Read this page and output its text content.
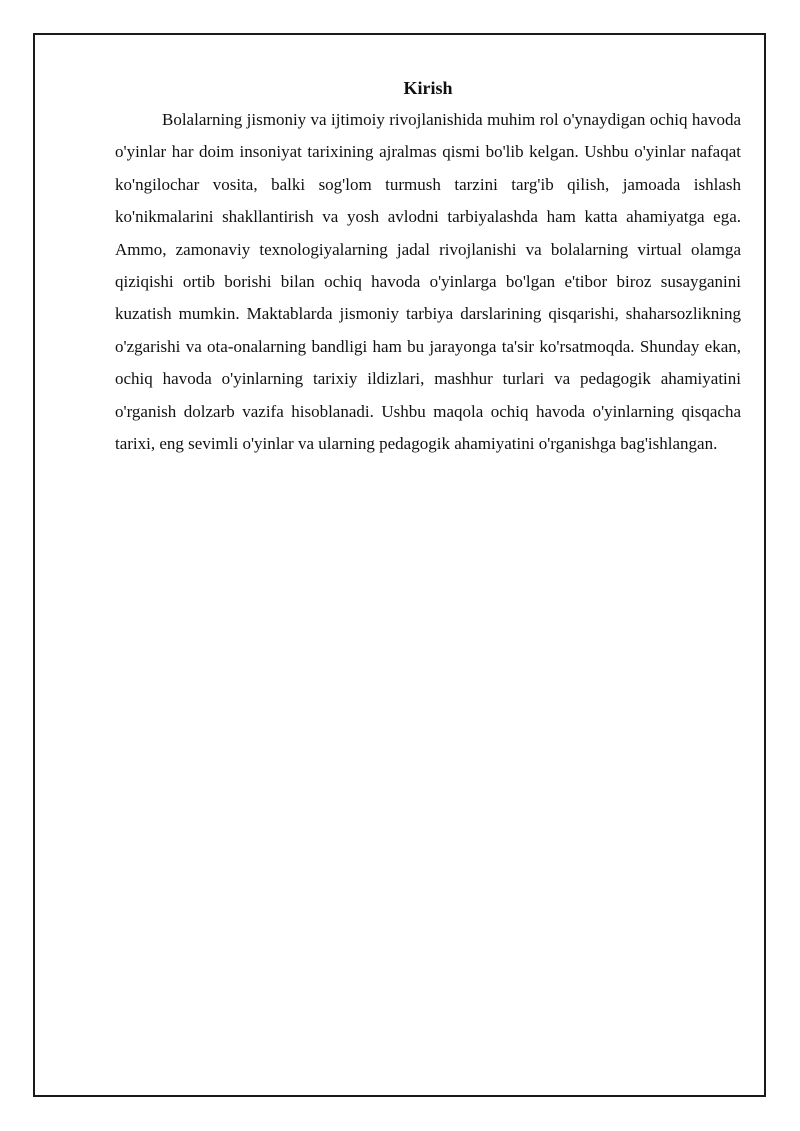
Kirish

Bolalarning jismoniy va ijtimoiy rivojlanishida muhim rol o'ynaydigan ochiq havoda o'yinlar har doim insoniyat tarixining ajralmas qismi bo'lib kelgan. Ushbu o'yinlar nafaqat ko'ngilochar vosita, balki sog'lom turmush tarzini targ'ib qilish, jamoada ishlash ko'nikmalarini shakllantirish va yosh avlodni tarbiyalashda ham katta ahamiyatga ega. Ammo, zamonaviy texnologiyalarning jadal rivojlanishi va bolalarning virtual olamga qiziqishi ortib borishi bilan ochiq havoda o'yinlarga bo'lgan e'tibor biroz susayganini kuzatish mumkin. Maktablarda jismoniy tarbiya darslarining qisqarishi, shaharsozlikning o'zgarishi va ota-onalarning bandligi ham bu jarayonga ta'sir ko'rsatmoqda. Shunday ekan, ochiq havoda o'yinlarning tarixiy ildizlari, mashhur turlari va pedagogik ahamiyatini o'rganish dolzarb vazifa hisoblanadi. Ushbu maqola ochiq havoda o'yinlarning qisqacha tarixi, eng sevimli o'yinlar va ularning pedagogik ahamiyatini o'rganishga bag'ishlangan.
